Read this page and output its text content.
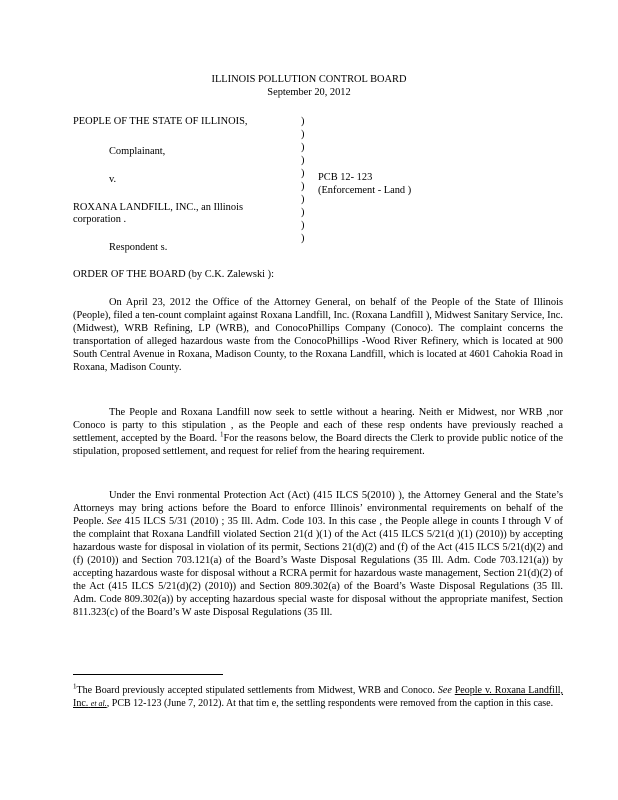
ILLINOIS POLLUTION CONTROL BOARD
September 20, 2012
PEOPLE OF THE STATE OF ILLINOIS,
Complainant,
v.
ROXANA LANDFILL, INC., an Illinois
corporation .
Respondent s.
)
)
)
)
)
)
)
)
)
)
PCB 12- 123
(Enforcement - Land )
ORDER OF THE BOARD (by C.K. Zalewski ):
On April 23, 2012 the Office of the Attorney General, on behalf of the People of the State of Illinois (People), filed a ten-count complaint against Roxana Landfill, Inc. (Roxana Landfill ), Midwest Sanitary Service, Inc. (Midwest), WRB Refining, LP (WRB), and ConocoPhillips Company (Conoco). The complaint concerns the transportation of alleged hazardous waste from the ConocoPhillips -Wood River Refinery, which is located at 900 South Central Avenue in Roxana, Madison County, to the Roxana Landfill, which is located at 4601 Cahokia Road in Roxana, Madison County.
The People and Roxana Landfill now seek to settle without a hearing. Neith er Midwest, nor WRB ,nor Conoco is party to this stipulation , as the People and each of these resp ondents have previously reached a settlement, accepted by the Board. $^1$For the reasons below, the Board directs the Clerk to provide public notice of the stipulation, proposed settlement, and request for relief from the hearing requirement.
Under the Envi ronmental Protection Act (Act) (415 ILCS 5(2010) ), the Attorney General and the State’s Attorneys may bring actions before the Board to enforce Illinois’ environmental requirements on behalf of the People. See 415 ILCS 5/31 (2010) ; 35 Ill. Adm. Code 103. In this case , the People allege in counts I through V of the complaint that Roxana Landfill violated Section 21(d )(1) of the Act (415 ILCS 5/21(d )(1) (2010)) by accepting hazardous waste for disposal in violation of its permit, Sections 21(d)(2) and (f) of the Act (415 ILCS 5/21(d)(2) and (f) (2010)) and Section 703.121(a) of the Board’s Waste Disposal Regulations (35 Ill. Adm. Code 703.121(a)) by accepting hazardous waste for disposal without a RCRA permit for hazardous waste management, Section 21(d)(2) of the Act (415 ILCS 5/21(d)(2) (2010)) and Section 809.302(a) of the Board’s Waste Disposal Regulations (35 Ill. Adm. Code 809.302(a)) by accepting hazardous special waste for disposal without the appropriate manifest, Section 811.323(c) of the Board’s W aste Disposal Regulations (35 Ill.
$^1$The Board previously accepted stipulated settlements from Midwest, WRB and Conoco. See People v. Roxana Landfill, Inc. et al., PCB 12-123 (June 7, 2012). At that tim e, the settling respondents were removed from the caption in this case.
